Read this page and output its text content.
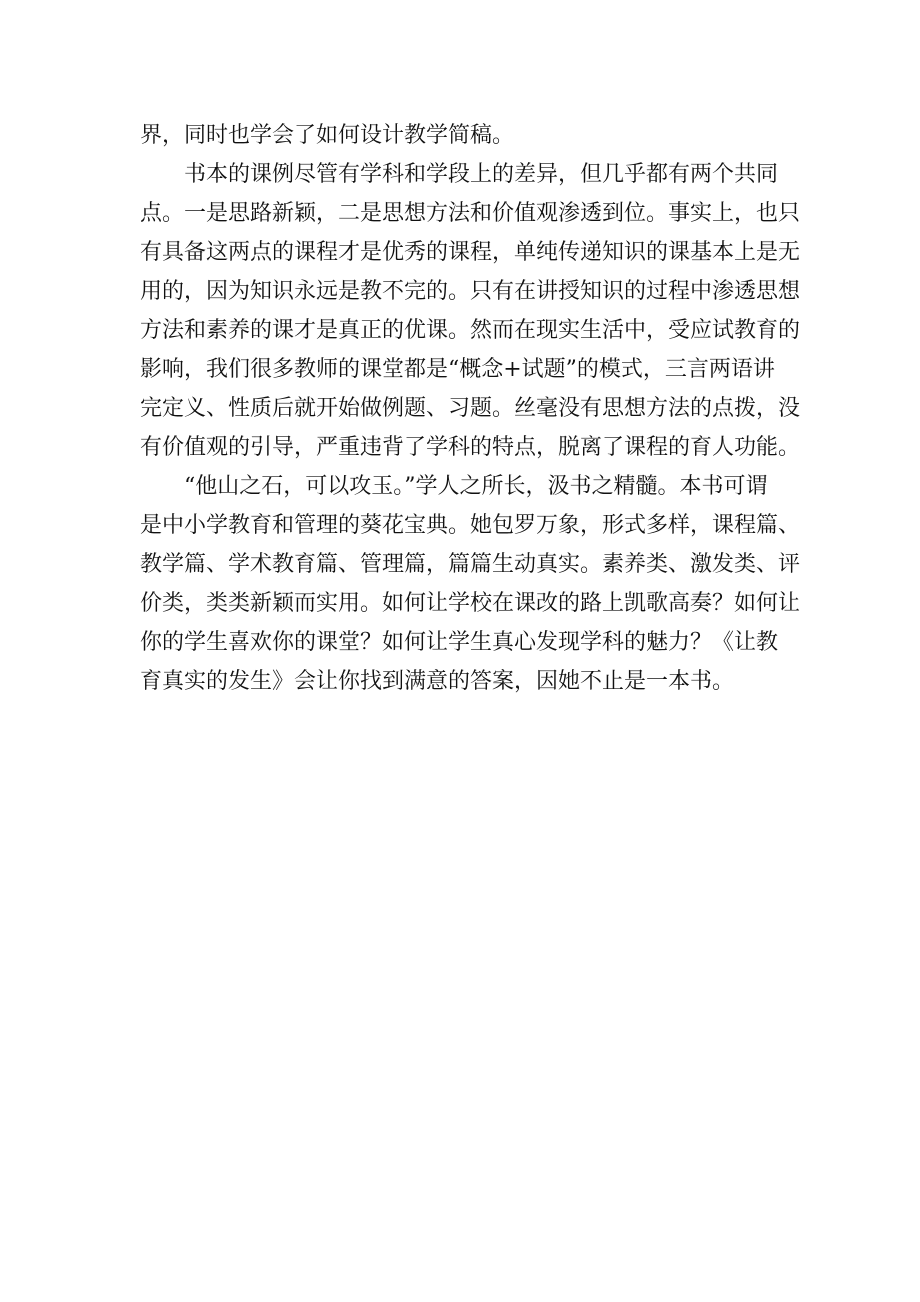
界，同时也学会了如何设计教学简稿。
书本的课例尽管有学科和学段上的差异，但几乎都有两个共同
点。一是思路新颖，二是思想方法和价值观渗透到位。事实上，也只
有具备这两点的课程才是优秀的课程，单纯传递知识的课基本上是无
用的，因为知识永远是教不完的。只有在讲授知识的过程中渗透思想
方法和素养的课才是真正的优课。然而在现实生活中，受应试教育的
影响，我们很多教师的课堂都是“概念+试题”的模式，三言两语讲
完定义、性质后就开始做例题、习题。丝毫没有思想方法的点拨，没
有价值观的引导，严重违背了学科的特点，脱离了课程的育人功能。
“他山之石，可以攻玉。”学人之所长，汲书之精髓。本书可谓
是中小学教育和管理的葵花宝典。她包罗万象，形式多样，课程篇、
教学篇、学术教育篇、管理篇，篇篇生动真实。素养类、激发类、评
价类，类类新颖而实用。如何让学校在课改的路上凯歌高奏？如何让
你的学生喜欢你的课堂？如何让学生真心发现学科的魅力？《让教
育真实的发生》会让你找到满意的答案，因她不止是一本书。
